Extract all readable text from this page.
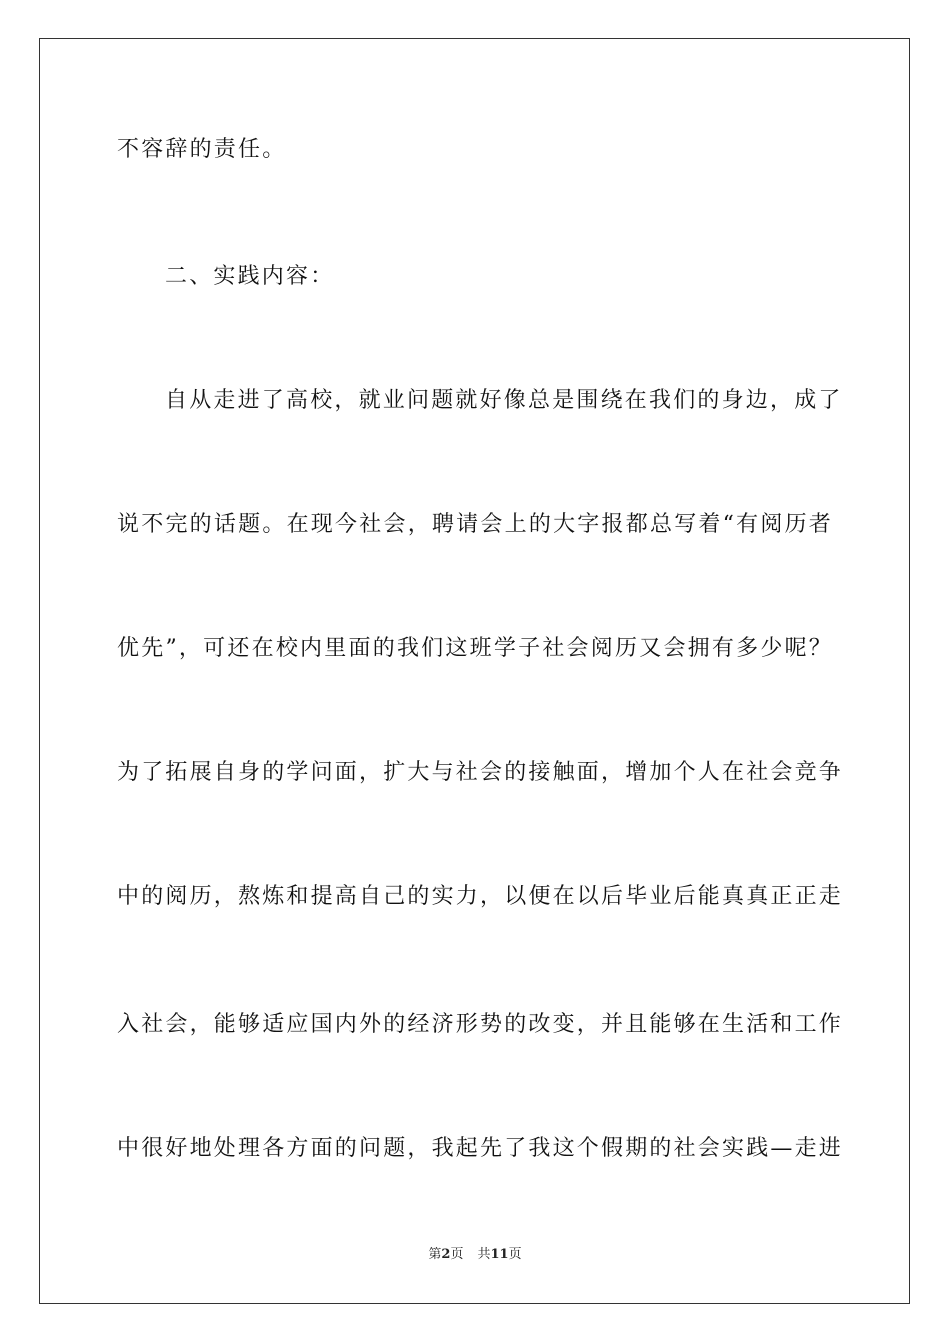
不容辞的责任。
二、实践内容：
自从走进了高校，就业问题就好像总是围绕在我们的身边，成了
说不完的话题。在现今社会，聘请会上的大字报都总写着“有阅历者
优先”，可还在校内里面的我们这班学子社会阅历又会拥有多少呢？
为了拓展自身的学问面，扩大与社会的接触面，增加个人在社会竞争
中的阅历，熬炼和提高自己的实力，以便在以后毕业后能真真正正走
入社会，能够适应国内外的经济形势的改变，并且能够在生活和工作
中很好地处理各方面的问题，我起先了我这个假期的社会实践—走进
第2页 共11页
